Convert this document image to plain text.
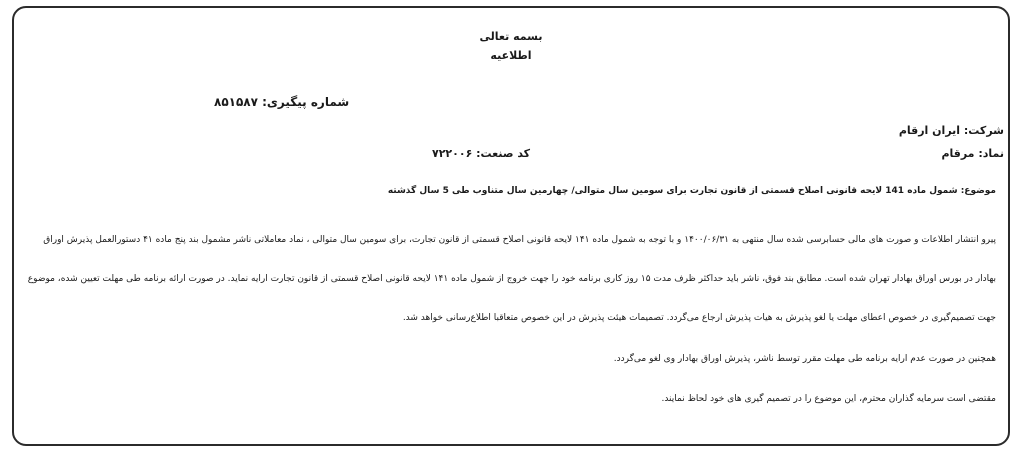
بسمه تعالی
اطلاعیه
شماره پیگیری: ۸۵۱۵۸۷
شرکت: ایران ارقام
نماد: مرقام
کد صنعت: ۷۲۲۰۰۶
موضوع: شمول ماده 141 لایحه قانونی اصلاح قسمتی از قانون تجارت برای سومین سال متوالی/ چهارمین سال متناوب طی 5 سال گذشته
پیرو انتشار اطلاعات و صورت های مالی حسابرسی شده سال منتهی به ۱۴۰۰/۰۶/۳۱ و با توجه به شمول ماده ۱۴۱ لایحه قانونی اصلاح قسمتی از قانون تجارت، برای سومین سال متوالی ، نماد معاملاتی ناشر مشمول بند پنج ماده ۴۱ دستورالعمل پذیرش اوراق
بهادار در بورس اوراق بهادار تهران شده است. مطابق بند فوق، ناشر باید حداکثر ظرف مدت ۱۵ روز کاری برنامه خود را جهت خروج از شمول ماده ۱۴۱ لایحه قانونی اصلاح قسمتی از قانون تجارت ارایه نماید. در صورت ارائه برنامه طی مهلت تعیین شده، موضوع
جهت تصمیم‌گیری در خصوص اعطای مهلت یا لغو پذیرش به هیات پذیرش ارجاع می‌گردد. تصمیمات هیئت پذیرش در این خصوص متعاقبا اطلاع‌رسانی خواهد شد.
همچنین در صورت عدم ارایه برنامه طی مهلت مقرر توسط ناشر، پذیرش اوراق بهادار وی لغو می‌گردد.
مقتضی است سرمایه گذاران محترم، این موضوع را در تصمیم گیری های خود لحاظ نمایند.
